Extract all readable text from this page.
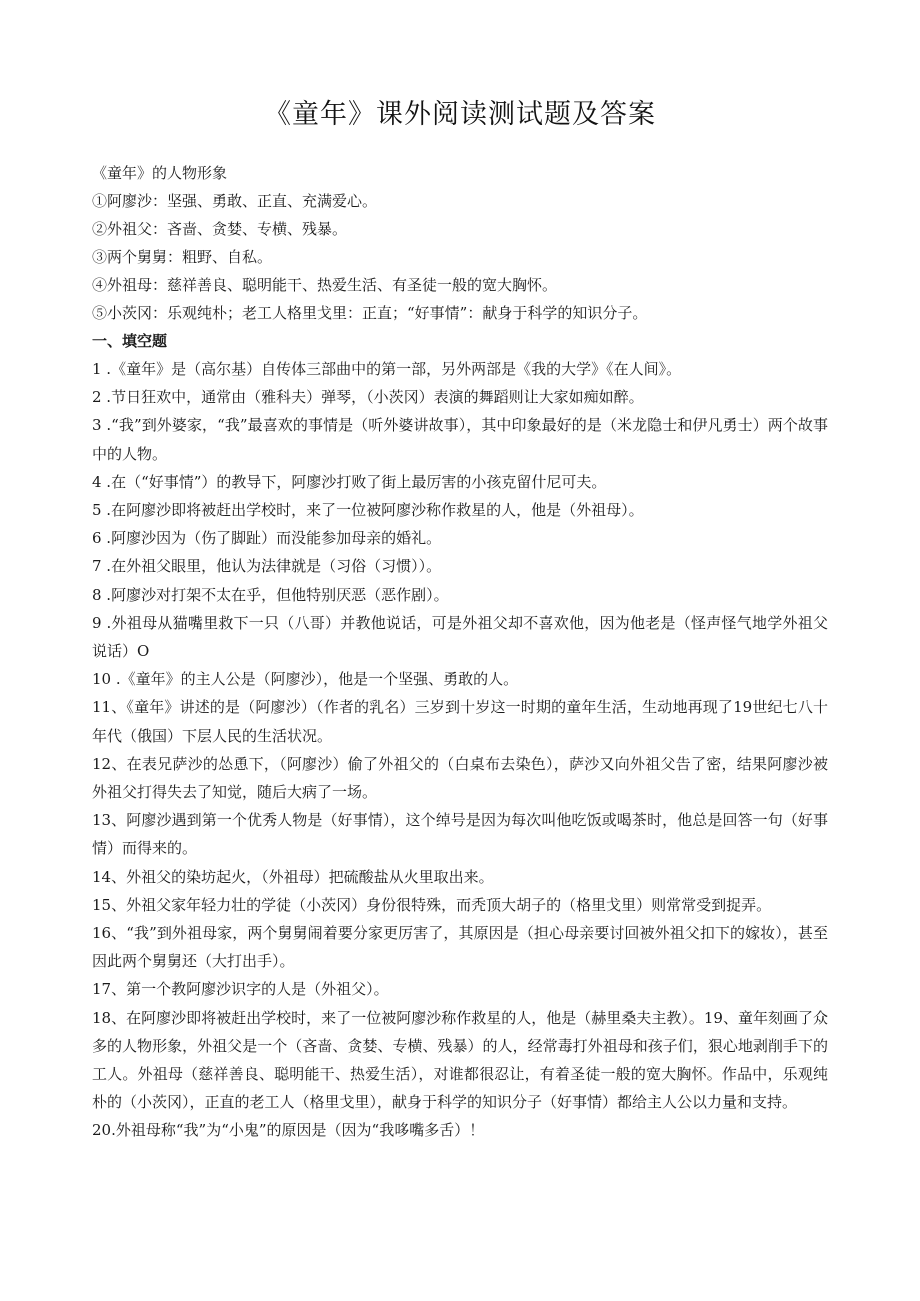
《童年》课外阅读测试题及答案
《童年》的人物形象
①阿廖沙：坚强、勇敢、正直、充满爱心。
②外祖父：吝啬、贪婪、专横、残暴。
③两个舅舅：粗野、自私。
④外祖母：慈祥善良、聪明能干、热爱生活、有圣徒一般的宽大胸怀。
⑤小茨冈：乐观纯朴；老工人格里戈里：正直；“好事情”：献身于科学的知识分子。
一、填空题

1 .《童年》是（高尔基）自传体三部曲中的第一部，另外两部是《我的大学》《在人间》。

2 .节日狂欢中，通常由（雅科夫）弹琴，（小茨冈）表演的舞蹈则让大家如痴如醉。

3 .“我”到外婆家，“我”最喜欢的事情是（听外婆讲故事），其中印象最好的是（米龙隐士和伊凡勇士）两个故事中的人物。

4 .在（“好事情”）的教导下，阿廖沙打败了街上最厉害的小孩克留什尼可夫。

5 .在阿廖沙即将被赶出学校时，来了一位被阿廖沙称作救星的人，他是（外祖母）。

6 .阿廖沙因为（伤了脚趾）而没能参加母亲的婚礼。

7 .在外祖父眼里，他认为法律就是（习俗（习惯））。

8 .阿廖沙对打架不太在乎，但他特别厌恶（恶作剧）。

9 .外祖母从猫嘴里救下一只（八哥）并教他说话，可是外祖父却不喜欢他，因为他老是（怪声怪气地学外祖父说话）O

10 .《童年》的主人公是（阿廖沙），他是一个坚强、勇敢的人。

11、《童年》讲述的是（阿廖沙）（作者的乳名）三岁到十岁这一时期的童年生活，生动地再现了19世纪七八十年代（俄国）下层人民的生活状况。

12、在表兄萨沙的怂恿下，（阿廖沙）偷了外祖父的（白桌布去染色），萨沙又向外祖父告了密，结果阿廖沙被外祖父打得失去了知觉，随后大病了一场。

13、阿廖沙遇到第一个优秀人物是（好事情），这个绰号是因为每次叫他吃饭或喝茶时，他总是回答一句（好事情）而得来的。

14、外祖父的染坊起火，（外祖母）把硫酸盐从火里取出来。

15、外祖父家年轻力壮的学徒（小茨冈）身份很特殊，而秃顶大胡子的（格里戈里）则常常受到捉弄。

16、“我”到外祖母家，两个舅舅闹着要分家更厉害了，其原因是（担心母亲要讨回被外祖父扣下的嫁妆），甚至因此两个舅舅还（大打出手）。

17、第一个教阿廖沙识字的人是（外祖父）。

18、在阿廖沙即将被赶出学校时，来了一位被阿廖沙称作救星的人，他是（赫里桑夫主教）。19、童年刻画了众多的人物形象，外祖父是一个（吝啬、贪婪、专横、残暴）的人，经常毒打外祖母和孩子们，狠心地剥削手下的工人。外祖母（慈祥善良、聪明能干、热爱生活），对谁都很忍让，有着圣徒一般的宽大胸怀。作品中，乐观纯朴的（小茨冈），正直的老工人（格里戈里），献身于科学的知识分子（好事情）都给主人公以力量和支持。

20.外祖母称“我”为“小鬼”的原因是（因为“我哆嘴多舌）！
